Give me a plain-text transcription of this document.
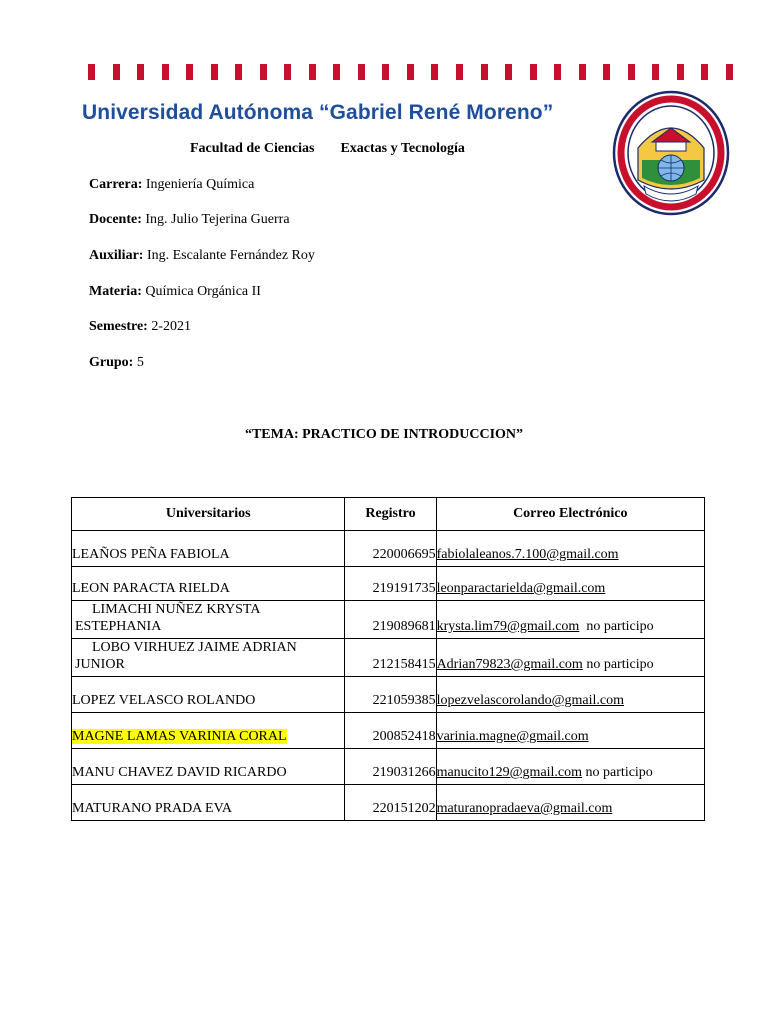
Universidad Autónoma “Gabriel René Moreno”
Facultad de Ciencias Exactas y Tecnología
Carrera: Ingeniería Química
Docente: Ing. Julio Tejerina Guerra
Auxiliar: Ing. Escalante Fernández Roy
Materia: Química Orgánica II
Semestre: 2-2021
Grupo: 5
“TEMA: PRACTICO DE INTRODUCCION”
Universitarios	Registro	Correo Electrónico
LEAÑOS PEÑA FABIOLA	220006695	fabiolaleanos.7.100@gmail.com
LEON PARACTA RIELDA	219191735	leonparactarielda@gmail.com

LIMACHI NUÑEZ KRYSTA
ESTEPHANIA	219089681	krysta.lim79@gmail.com  no participo

LOBO VIRHUEZ JAIME ADRIAN
JUNIOR	212158415	Adrian79823@gmail.com no participo
LOPEZ VELASCO ROLANDO	221059385	lopezvelascorolando@gmail.com
MAGNE LAMAS VARINIA CORAL	200852418	varinia.magne@gmail.com
MANU CHAVEZ DAVID RICARDO	219031266	manucito129@gmail.com no participo
MATURANO PRADA EVA	220151202	maturanopradaeva@gmail.com
